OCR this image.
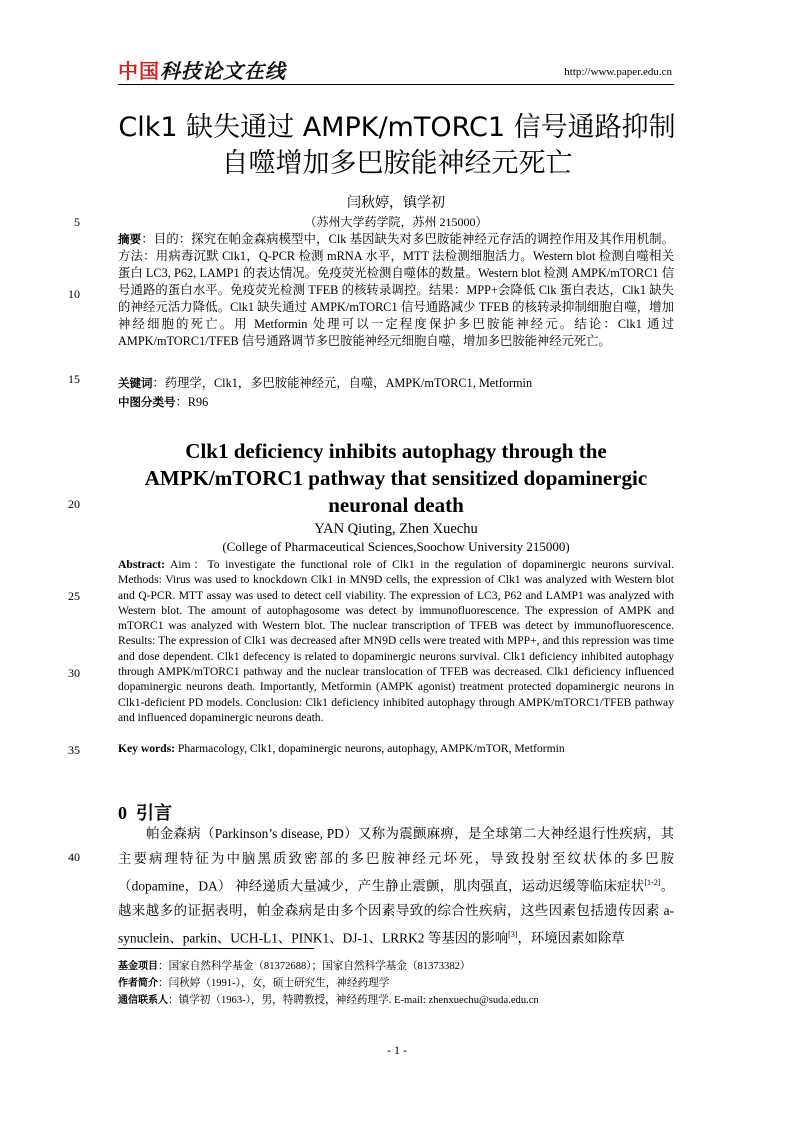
中国科技论文在线	http://www.paper.edu.cn
Clk1 缺失通过 AMPK/mTORC1 信号通路抑制
自噬增加多巴胺能神经元死亡
闫秋婷，镇学初
（苏州大学药学院，苏州 215000）
5
10
15
20
25
30
35
40
摘要：目的：探究在帕金森病模型中，Clk 基因缺失对多巴胺能神经元存活的调控作用及其作用机制。方法：用病毒沉默 Clk1，Q-PCR 检测 mRNA 水平，MTT 法检测细胞活力。Western blot 检测自噬相关蛋白 LC3, P62, LAMP1 的表达情况。免疫荧光检测自噬体的数量。Western blot 检测 AMPK/mTORC1 信号通路的蛋白水平。免疫荧光检测 TFEB 的核转录调控。结果：MPP+会降低 Clk 蛋白表达，Clk1 缺失的神经元活力降低。Clk1 缺失通过 AMPK/mTORC1 信号通路减少 TFEB 的核转录抑制细胞自噬，增加神经细胞的死亡。用 Metformin 处理可以一定程度保护多巴胺能神经元。结论：Clk1 通过 AMPK/mTORC1/TFEB 信号通路调节多巴胺能神经元细胞自噬，增加多巴胺能神经元死亡。
关键词：药理学，Clk1，多巴胺能神经元，自噬，AMPK/mTORC1, Metformin
中图分类号：R96
Clk1 deficiency inhibits autophagy through the
AMPK/mTORC1 pathway that sensitized dopaminergic
neuronal death
YAN Qiuting, Zhen Xuechu
(College of Pharmaceutical Sciences,Soochow University 215000)
Abstract: Aim：To investigate the functional role of Clk1 in the regulation of dopaminergic neurons survival. Methods: Virus was used to knockdown Clk1 in MN9D cells, the expression of Clk1 was analyzed with Western blot and Q-PCR. MTT assay was used to detect cell viability. The expression of LC3, P62 and LAMP1 was analyzed with Western blot. The amount of autophagosome was detect by immunofluorescence. The expression of AMPK and mTORC1 was analyzed with Western blot. The nuclear transcription of TFEB was detect by immunofluorescence. Results: The expression of Clk1 was decreased after MN9D cells were treated with MPP+, and this repression was time and dose dependent. Clk1 defecency is related to dopaminergic neurons survival. Clk1 deficiency inhibited autophagy through AMPK/mTORC1 pathway and the nuclear translocation of TFEB was decreased. Clk1 deficiency influenced dopaminergic neurons death. Importantly, Metformin (AMPK agonist) treatment protected dopaminergic neurons in Clk1-deficient PD models. Conclusion: Clk1 deficiency inhibited autophagy through AMPK/mTORC1/TFEB pathway and influenced dopaminergic neurons death.
Key words: Pharmacology, Clk1, dopaminergic neurons, autophagy, AMPK/mTOR, Metformin
0 引言
帕金森病（Parkinson’s disease, PD）又称为震颤麻痹，是全球第二大神经退行性疾病，其主要病理特征为中脑黑质致密部的多巴胺神经元坏死，导致投射至纹状体的多巴胺（dopamine，DA） 神经递质大量减少，产生静止震颤，肌肉强直，运动迟缓等临床症状[1-2]。越来越多的证据表明，帕金森病是由多个因素导致的综合性疾病，这些因素包括遗传因素 a-synuclein、parkin、UCH-L1、PINK1、DJ-1、LRRK2 等基因的影响[3]，环境因素如除草
基金项目：国家自然科学基金（81372688）；国家自然科学基金（81373382）
作者简介：闫秋婷（1991-），女，硕士研究生，神经药理学
通信联系人：镇学初（1963-），男，特聘教授，神经药理学. E-mail: zhenxuechu@suda.edu.cn
- 1 -
